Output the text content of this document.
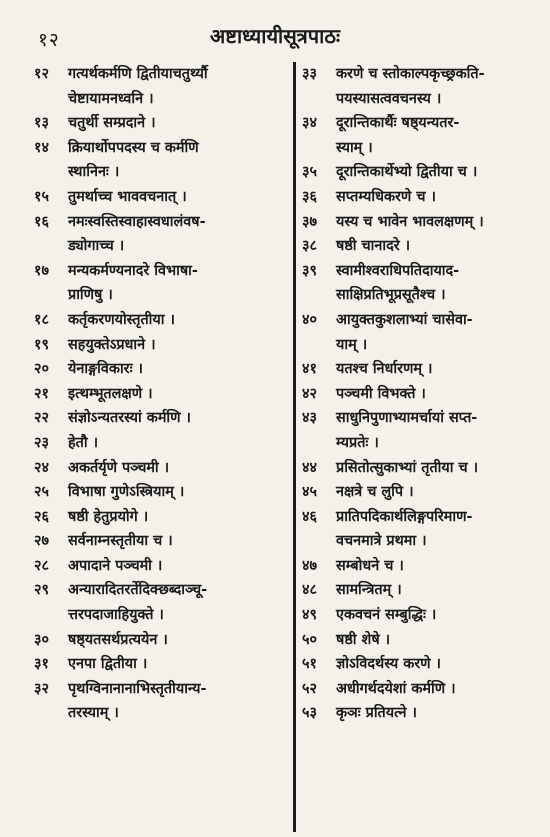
१२	अष्टाध्यायीसूत्रपाठः
१२	गत्यर्थकर्मणि द्वितीयाचतुर्थ्यौ
चेष्टायामनध्वनि ।
१३	चतुर्थी सम्प्रदाने ।
१४	क्रियार्थोपपदस्य च कर्मणि
स्थानिनः ।
१५	तुमर्थाच्च भाववचनात् ।
१६	नमःस्वस्तिस्वाहास्वधालंवष-
ड्योगाच्च ।
१७	मन्यकर्मण्यनादरे विभाषा-
प्राणिषु ।
१८	कर्तृकरणयोस्तृतीया ।
१९	सहयुक्तेऽप्रधाने ।
२०	येनाङ्गविकारः ।
२१	इत्थम्भूतलक्षणे ।
२२	संज्ञोऽन्यतरस्यां कर्मणि ।
२३	हेतौ ।
२४	अकर्तर्यृणे पञ्चमी ।
२५	विभाषा गुणेऽस्त्रियाम् ।
२६	षष्ठी हेतुप्रयोगे ।
२७	सर्वनाम्नस्तृतीया च ।
२८	अपादाने पञ्चमी ।
२९	अन्यारादितरर्तेदिक्छब्दाञ्चू-
त्तरपदाजाहियुक्ते ।
३०	षष्ठ्यतसर्थप्रत्ययेन ।
३१	एनपा द्वितीया ।
३२	पृथग्विनानानाभिस्तृतीयान्य-
तरस्याम् ।
३३	करणे च स्तोकाल्पकृच्छ्रकति-
पयस्यासत्ववचनस्य ।
३४	दूरान्तिकार्थैः षष्ठ्यन्यतर-
स्याम् ।
३५	दूरान्तिकार्थेभ्यो द्वितीया च ।
३६	सप्तम्यधिकरणे च ।
३७	यस्य च भावेन भावलक्षणम् ।
३८	षष्ठी चानादरे ।
३९	स्वामीश्वराधिपतिदायाद-
साक्षिप्रतिभूप्रसूतैश्च ।
४०	आयुक्तकुशलाभ्यां चासेवा-
याम् ।
४१	यतश्च निर्धारणम् ।
४२	पञ्चमी विभक्ते ।
४३	साधुनिपुणाभ्यामर्चायां सप्त-
म्यप्रतेः ।
४४	प्रसितोत्सुकाभ्यां तृतीया च ।
४५	नक्षत्रे च लुपि ।
४६	प्रातिपदिकार्थलिङ्गपरिमाण-
वचनमात्रे प्रथमा ।
४७	सम्बोधने च ।
४८	सामन्त्रितम् ।
४९	एकवचनं सम्बुद्धिः ।
५०	षष्ठी शेषे ।
५१	ज्ञोऽविदर्थस्य करणे ।
५२	अधीगर्थदयेशां कर्मणि ।
५३	कृञः प्रतियत्ने ।
